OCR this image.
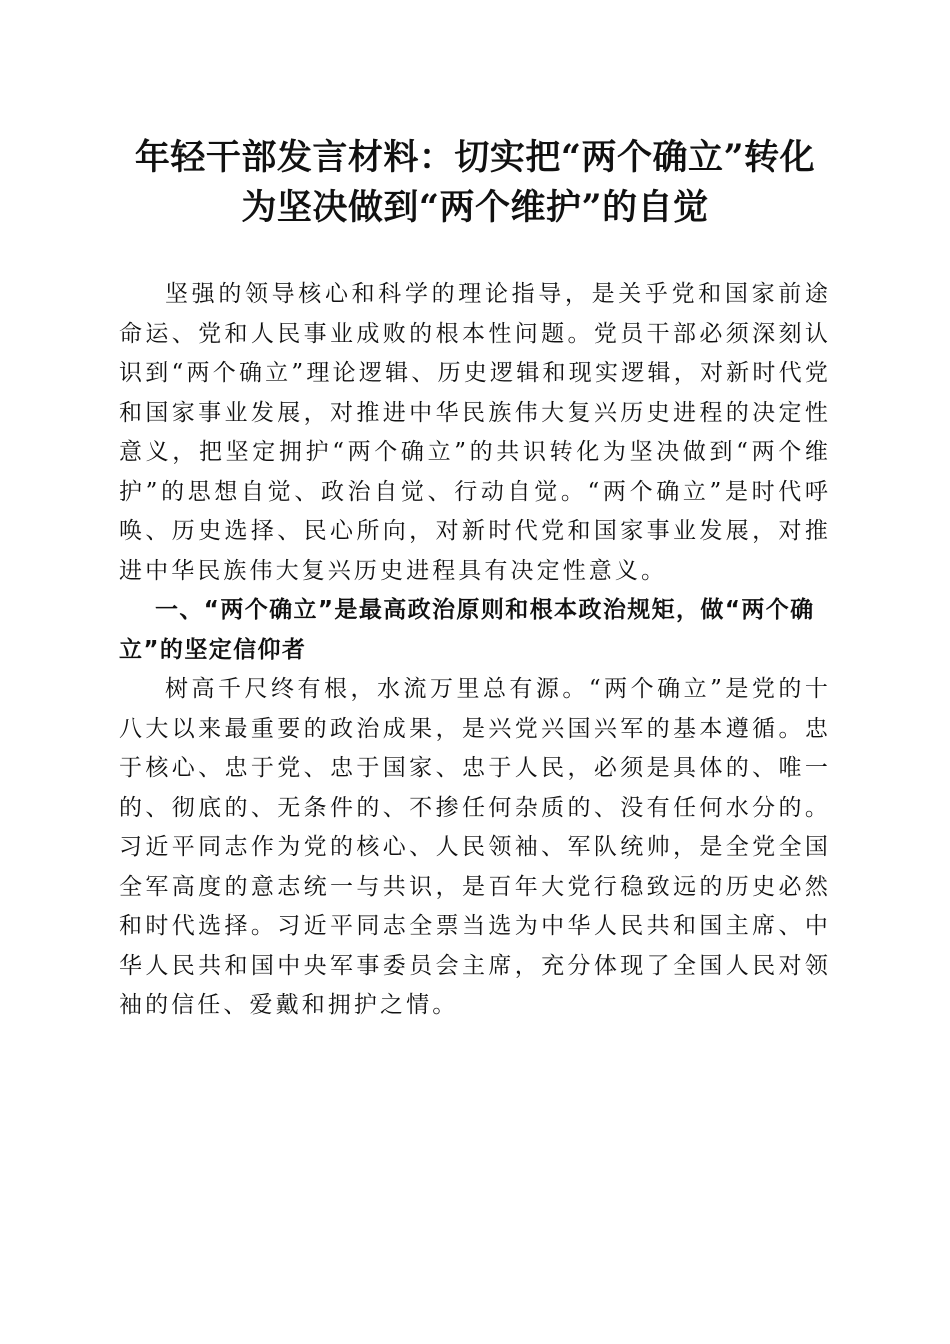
年轻干部发言材料：切实把“两个确立”转化
为坚决做到“两个维护”的自觉

坚强的领导核心和科学的理论指导，是关乎党和国家前途命运、党和人民事业成败的根本性问题。党员干部必须深刻认识到“两个确立”理论逻辑、历史逻辑和现实逻辑，对新时代党和国家事业发展，对推进中华民族伟大复兴历史进程的决定性意义，把坚定拥护“两个确立”的共识转化为坚决做到“两个维护”的思想自觉、政治自觉、行动自觉。“两个确立”是时代呼唤、历史选择、民心所向，对新时代党和国家事业发展，对推进中华民族伟大复兴历史进程具有决定性意义。

一、“两个确立”是最高政治原则和根本政治规矩，做“两个确立”的坚定信仰者

树高千尺终有根，水流万里总有源。“两个确立”是党的十八大以来最重要的政治成果，是兴党兴国兴军的基本遵循。忠于核心、忠于党、忠于国家、忠于人民，必须是具体的、唯一的、彻底的、无条件的、不掺任何杂质的、没有任何水分的。习近平同志作为党的核心、人民领袖、军队统帅，是全党全国全军高度的意志统一与共识，是百年大党行稳致远的历史必然和时代选择。习近平同志全票当选为中华人民共和国主席、中华人民共和国中央军事委员会主席，充分体现了全国人民对领袖的信任、爱戴和拥护之情。
